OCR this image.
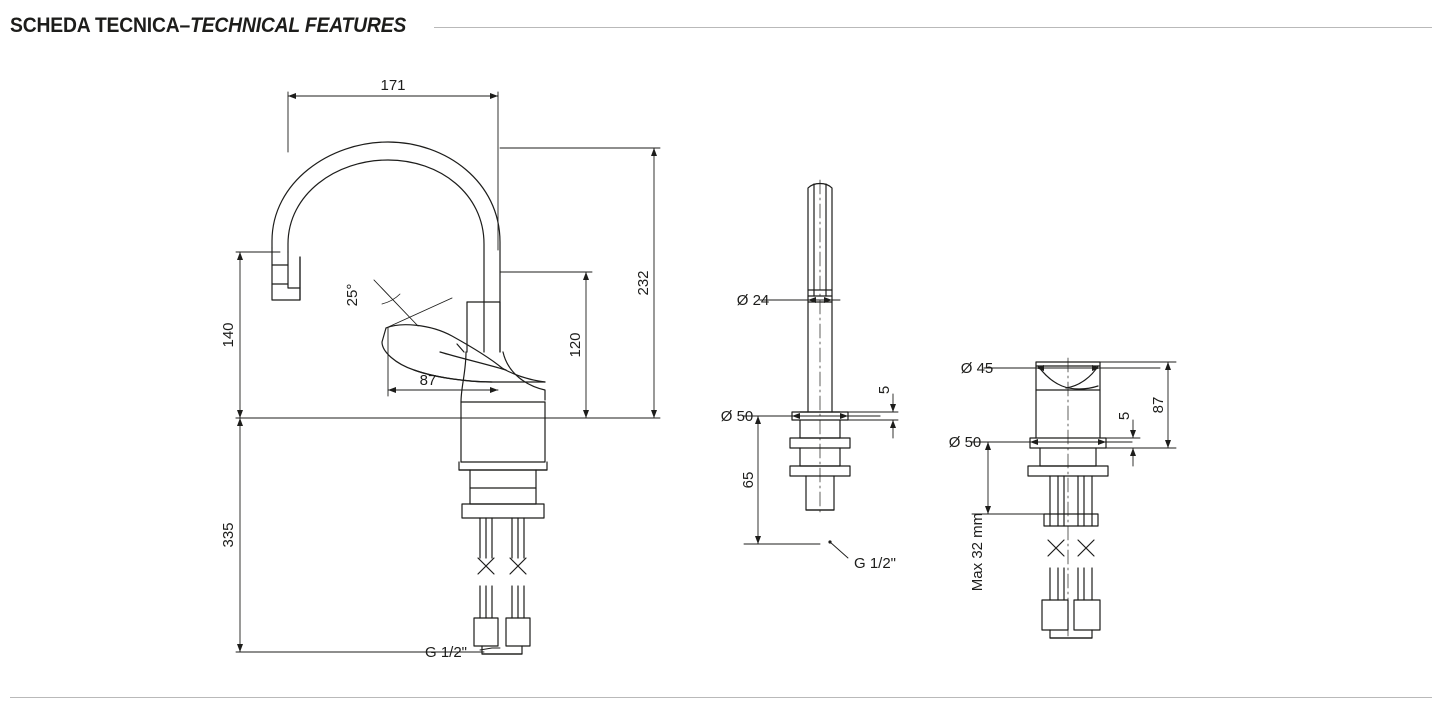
SCHEDA TECNICA–TECHNICAL FEATURES
171
232
140	120
87
25°
335
G 1/2"
Ø 24
Ø 50
5
65
G 1/2"
Ø 45
Ø 50
5
87
Max 32 mm
